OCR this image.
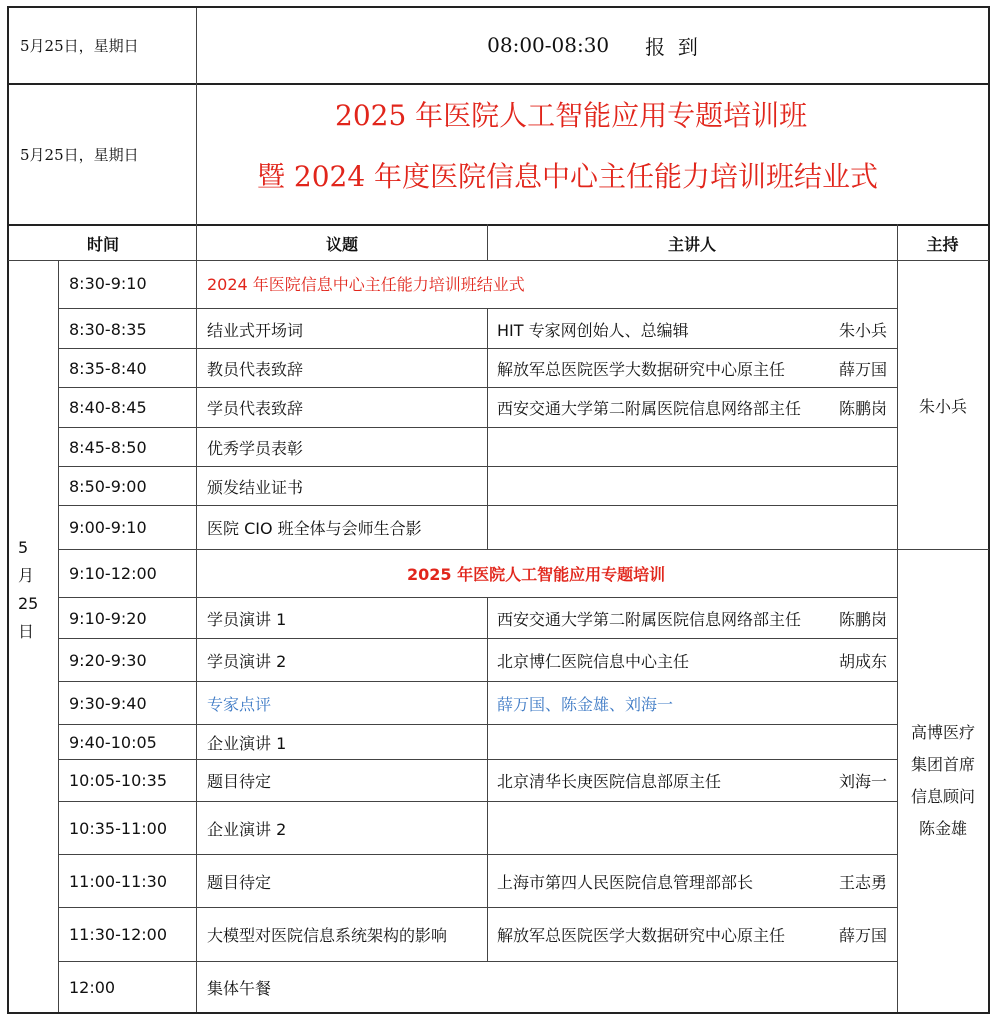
5月25日，星期日	08:00-08:30 报  到
5月25日，星期日
2025 年医院人工智能应用专题培训班
暨 2024 年度医院信息中心主任能力培训班结业式
时间	议题	主讲人	主持
5
月
25
日
8:30-9:10	2024 年医院信息中心主任能力培训班结业式
8:30-8:35	结业式开场词	HIT 专家网创始人、总编辑	朱小兵
8:35-8:40	教员代表致辞	解放军总医院医学大数据研究中心原主任	薛万国
8:40-8:45	学员代表致辞	西安交通大学第二附属医院信息网络部主任 陈鹏岗
8:45-8:50	优秀学员表彰
8:50-9:00	颁发结业证书
9:00-9:10	医院 CIO 班全体与会师生合影
9:10-12:00	2025 年医院人工智能应用专题培训
9:10-9:20	学员演讲 1	西安交通大学第二附属医院信息网络部主任 陈鹏岗
9:20-9:30	学员演讲 2	北京博仁医院信息中心主任	胡成东
9:30-9:40	专家点评	薛万国、陈金雄、刘海一
9:40-10:05	企业演讲 1
10:05-10:35	题目待定	北京清华长庚医院信息部原主任	刘海一
10:35-11:00	企业演讲 2
11:00-11:30	题目待定	上海市第四人民医院信息管理部部长	王志勇
11:30-12:00	大模型对医院信息系统架构的影响	解放军总医院医学大数据研究中心原主任	薛万国
12:00	集体午餐
朱小兵
高博医疗
集团首席
信息顾问
陈金雄
